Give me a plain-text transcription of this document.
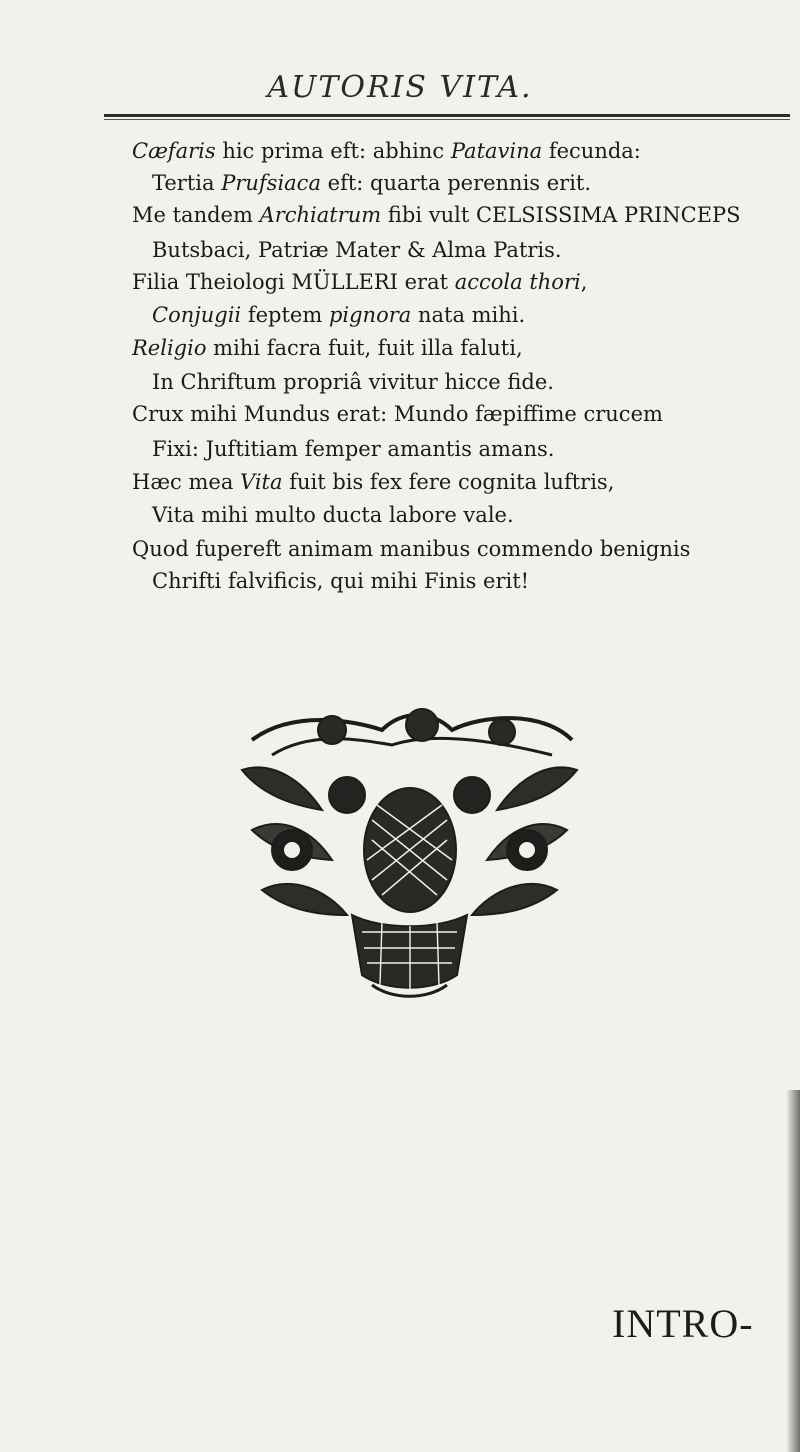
AUTORIS VITA.
Cæfaris hic prima eft: abhinc Patavina fecunda:
Tertia Prufsiaca eft: quarta perennis erit.
Me tandem Archiatrum fibi vult CELSISSIMA PRINCEPS
Butsbaci, Patriæ Mater & Alma Patris.
Filia Theiologi MÜLLERI erat accola thori,
Conjugii feptem pignora nata mihi.
Religio mihi facra fuit, fuit illa faluti,
In Chriftum propriâ vivitur hicce fide.
Crux mihi Mundus erat: Mundo fæpiffime crucem
Fixi: Juftitiam femper amantis amans.
Hæc mea Vita fuit bis fex fere cognita luftris,
Vita mihi multo ducta labore vale.
Quod fupereft animam manibus commendo benignis
Chrifti falvificis, qui mihi Finis erit!
INTRO-
